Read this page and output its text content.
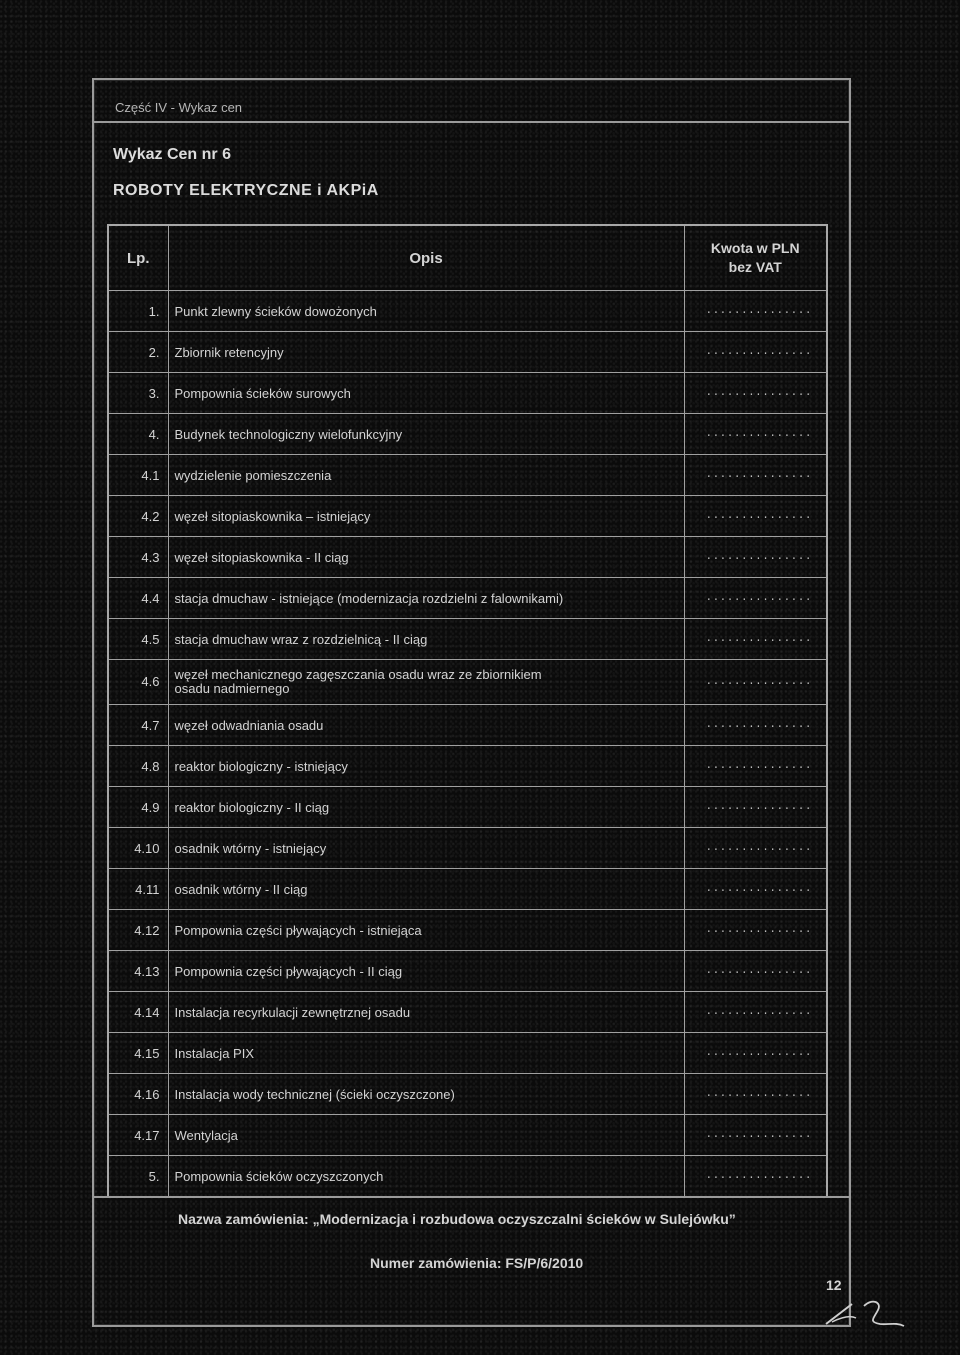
Część IV - Wykaz cen
Wykaz Cen nr 6
ROBOTY ELEKTRYCZNE i AKPiA
Lp.	Opis	Kwota w PLN
bez VAT
1.	Punkt zlewny ścieków dowożonych	...............
2.	Zbiornik retencyjny	...............
3.	Pompownia ścieków surowych	...............
4.	Budynek technologiczny wielofunkcyjny	...............
4.1	wydzielenie pomieszczenia	...............
4.2	węzeł sitopiaskownika – istniejący	...............
4.3	węzeł sitopiaskownika - II ciąg	...............
4.4	stacja dmuchaw - istniejące (modernizacja rozdzielni z falownikami)	...............
4.5	stacja dmuchaw wraz z rozdzielnicą - II ciąg	...............
4.6	węzeł mechanicznego zagęszczania osadu wraz ze zbiornikiem
osadu nadmiernego	...............
4.7	węzeł odwadniania osadu	...............
4.8	reaktor biologiczny - istniejący	...............
4.9	reaktor biologiczny - II ciąg	...............
4.10	osadnik wtórny - istniejący	...............
4.11	osadnik wtórny - II ciąg	...............
4.12	Pompownia części pływających - istniejąca	...............
4.13	Pompownia części pływających - II ciąg	...............
4.14	Instalacja recyrkulacji zewnętrznej osadu	...............
4.15	Instalacja PIX	...............
4.16	Instalacja wody technicznej (ścieki oczyszczone)	...............
4.17	Wentylacja	...............
5.	Pompownia ścieków oczyszczonych	...............
Nazwa zamówienia: „Modernizacja i rozbudowa oczyszczalni ścieków w Sulejówku”
Numer zamówienia: FS/P/6/2010
12
